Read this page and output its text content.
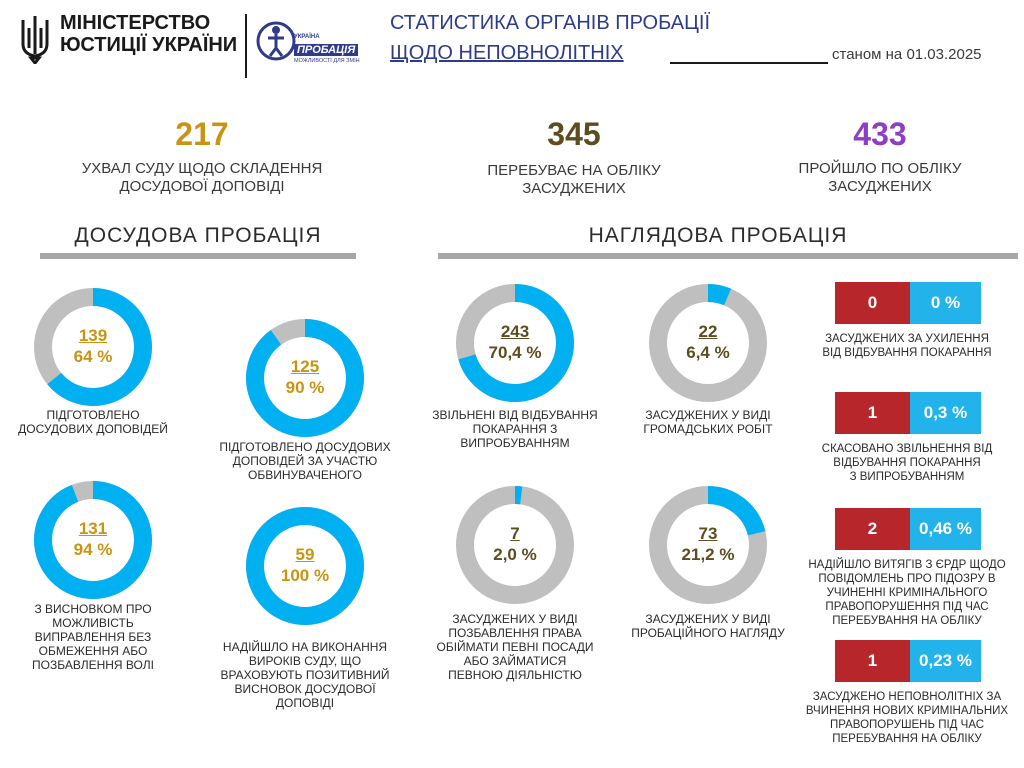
МІНІСТЕРСТВО
ЮСТИЦІЇ УКРАЇНИ	УКРАЇНА
ПРОБАЦІЯ
МОЖЛИВОСТІ ДЛЯ ЗМІН
СТАТИСТИКА ОРГАНІВ ПРОБАЦІЇ
ЩОДО НЕПОВНОЛІТНІХ	станом на 01.03.2025
217
УХВАЛ СУДУ ЩОДО СКЛАДЕННЯ
ДОСУДОВОЇ ДОПОВІДІ
345
ПЕРЕБУВАЄ НА ОБЛІКУ
ЗАСУДЖЕНИХ
433
ПРОЙШЛО ПО ОБЛІКУ
ЗАСУДЖЕНИХ
ДОСУДОВА ПРОБАЦІЯ	НАГЛЯДОВА ПРОБАЦІЯ
139
64 %
ПІДГОТОВЛЕНО
ДОСУДОВИХ ДОПОВІДЕЙ
125
90 %
ПІДГОТОВЛЕНО ДОСУДОВИХ
ДОПОВІДЕЙ ЗА УЧАСТЮ
ОБВИНУВАЧЕНОГО
131
94 %
З ВИСНОВКОМ ПРО
МОЖЛИВІСТЬ
ВИПРАВЛЕННЯ БЕЗ
ОБМЕЖЕННЯ АБО
ПОЗБАВЛЕННЯ ВОЛІ
59
100 %
НАДІЙШЛО НА ВИКОНАННЯ
ВИРОКІВ СУДУ, ЩО
ВРАХОВУЮТЬ ПОЗИТИВНИЙ
ВИСНОВОК ДОСУДОВОЇ
ДОПОВІДІ
243
70,4 %
ЗВІЛЬНЕНІ ВІД ВІДБУВАННЯ
ПОКАРАННЯ З
ВИПРОБУВАННЯМ
22
6,4 %
ЗАСУДЖЕНИХ У ВИДІ
ГРОМАДСЬКИХ РОБІТ
7
2,0 %
ЗАСУДЖЕНИХ У ВИДІ
ПОЗБАВЛЕННЯ ПРАВА
ОБІЙМАТИ ПЕВНІ ПОСАДИ
АБО ЗАЙМАТИСЯ
ПЕВНОЮ ДІЯЛЬНІСТЮ
73
21,2 %
ЗАСУДЖЕНИХ У ВИДІ
ПРОБАЦІЙНОГО НАГЛЯДУ
0	0 %
ЗАСУДЖЕНИХ ЗА УХИЛЕННЯ
ВІД ВІДБУВАННЯ ПОКАРАННЯ
1	0,3 %
СКАСОВАНО ЗВІЛЬНЕННЯ ВІД
ВІДБУВАННЯ ПОКАРАННЯ
З ВИПРОБУВАННЯМ
2	0,46 %
НАДІЙШЛО ВИТЯГІВ З ЄРДР ЩОДО
ПОВІДОМЛЕНЬ ПРО ПІДОЗРУ В
УЧИНЕННІ КРИМІНАЛЬНОГО
ПРАВОПОРУШЕННЯ ПІД ЧАС
ПЕРЕБУВАННЯ НА ОБЛІКУ
1	0,23 %
ЗАСУДЖЕНО НЕПОВНОЛІТНІХ ЗА
ВЧИНЕННЯ НОВИХ КРИМІНАЛЬНИХ
ПРАВОПОРУШЕНЬ ПІД ЧАС
ПЕРЕБУВАННЯ НА ОБЛІКУ
